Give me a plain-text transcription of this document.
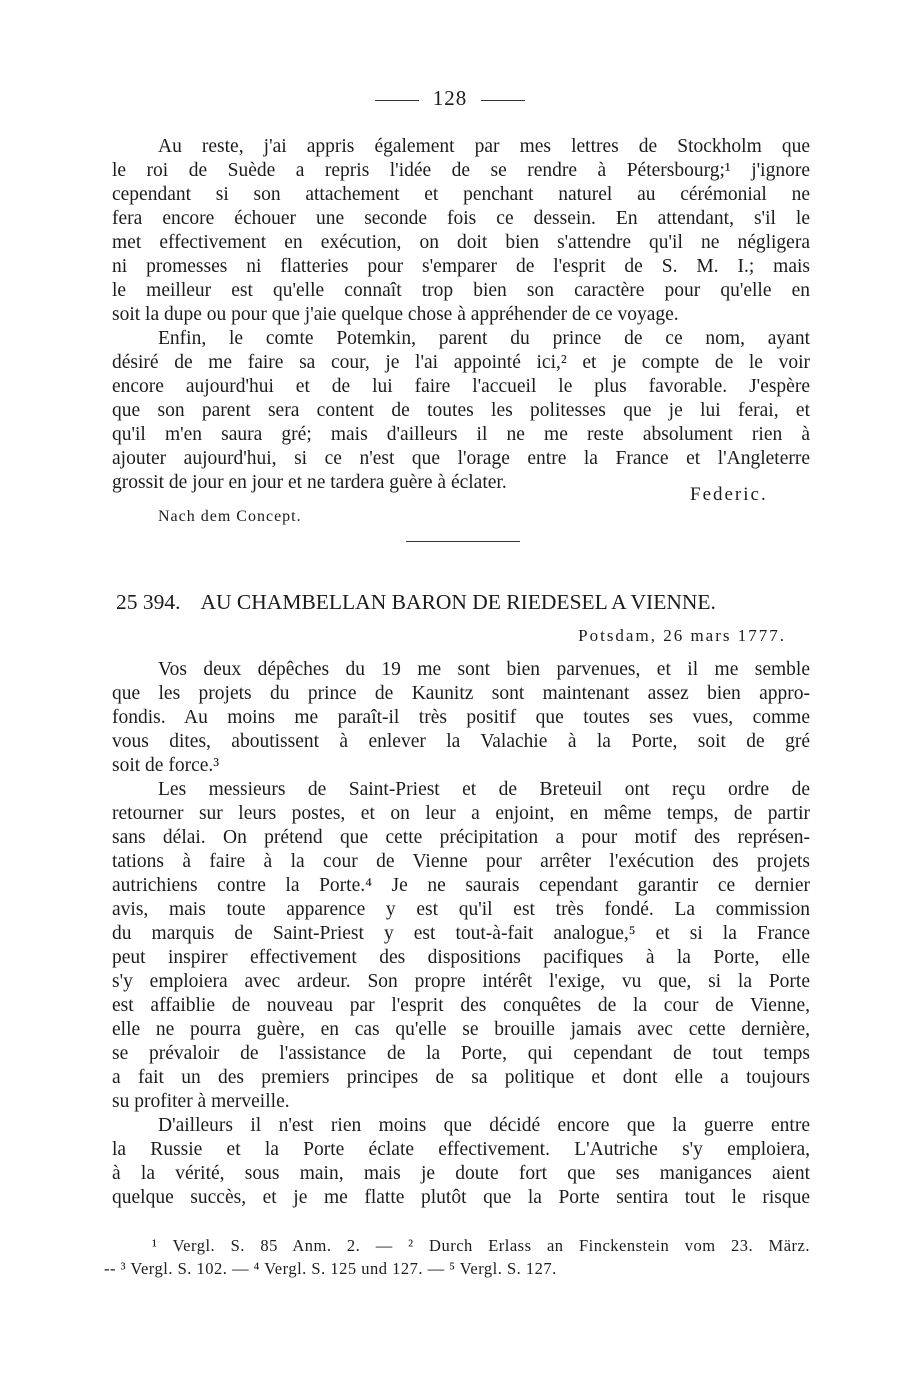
128
Au reste, j'ai appris également par mes lettres de Stockholm que
le roi de Suède a repris l'idée de se rendre à Pétersbourg;¹ j'ignore
cependant si son attachement et penchant naturel au cérémonial ne
fera encore échouer une seconde fois ce dessein. En attendant, s'il le
met effectivement en exécution, on doit bien s'attendre qu'il ne négligera
ni promesses ni flatteries pour s'emparer de l'esprit de S. M. I.; mais
le meilleur est qu'elle connaît trop bien son caractère pour qu'elle en
soit la dupe ou pour que j'aie quelque chose à appréhender de ce voyage.
Enfin, le comte Potemkin, parent du prince de ce nom, ayant
désiré de me faire sa cour, je l'ai appointé ici,² et je compte de le voir
encore aujourd'hui et de lui faire l'accueil le plus favorable. J'espère
que son parent sera content de toutes les politesses que je lui ferai, et
qu'il m'en saura gré; mais d'ailleurs il ne me reste absolument rien à
ajouter aujourd'hui, si ce n'est que l'orage entre la France et l'Angleterre
grossit de jour en jour et ne tardera guère à éclater.
Federic.
Nach dem Concept.
25 394. AU CHAMBELLAN BARON DE RIEDESEL A VIENNE.
Potsdam, 26 mars 1777.
Vos deux dépêches du 19 me sont bien parvenues, et il me semble
que les projets du prince de Kaunitz sont maintenant assez bien appro-
fondis. Au moins me paraît-il très positif que toutes ses vues, comme
vous dites, aboutissent à enlever la Valachie à la Porte, soit de gré
soit de force.³
Les messieurs de Saint-Priest et de Breteuil ont reçu ordre de
retourner sur leurs postes, et on leur a enjoint, en même temps, de partir
sans délai. On prétend que cette précipitation a pour motif des représen-
tations à faire à la cour de Vienne pour arrêter l'exécution des projets
autrichiens contre la Porte.⁴ Je ne saurais cependant garantir ce dernier
avis, mais toute apparence y est qu'il est très fondé. La commission
du marquis de Saint-Priest y est tout-à-fait analogue,⁵ et si la France
peut inspirer effectivement des dispositions pacifiques à la Porte, elle
s'y emploiera avec ardeur. Son propre intérêt l'exige, vu que, si la Porte
est affaiblie de nouveau par l'esprit des conquêtes de la cour de Vienne,
elle ne pourra guère, en cas qu'elle se brouille jamais avec cette dernière,
se prévaloir de l'assistance de la Porte, qui cependant de tout temps
a fait un des premiers principes de sa politique et dont elle a toujours
su profiter à merveille.
D'ailleurs il n'est rien moins que décidé encore que la guerre entre
la Russie et la Porte éclate effectivement. L'Autriche s'y emploiera,
à la vérité, sous main, mais je doute fort que ses manigances aient
quelque succès, et je me flatte plutôt que la Porte sentira tout le risque
¹ Vergl. S. 85 Anm. 2. — ² Durch Erlass an Finckenstein vom 23. März.
-- ³ Vergl. S. 102. — ⁴ Vergl. S. 125 und 127. — ⁵ Vergl. S. 127.
